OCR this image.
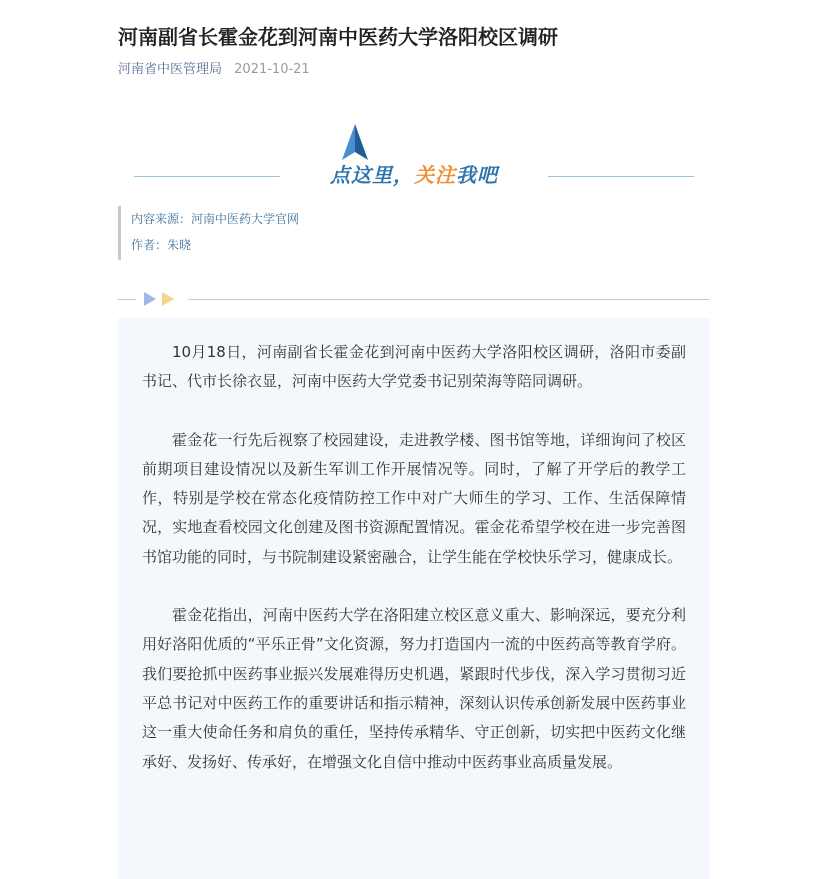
河南副省长霍金花到河南中医药大学洛阳校区调研
河南省中医管理局 2021-10-21
点这里，关注我吧
内容来源：河南中医药大学官网
作者：朱晓

10月18日，河南副省长霍金花到河南中医药大学洛阳校区调研，洛阳市委副书记、代市长徐衣显，河南中医药大学党委书记别荣海等陪同调研。

霍金花一行先后视察了校园建设，走进教学楼、图书馆等地，详细询问了校区前期项目建设情况以及新生军训工作开展情况等。同时，了解了开学后的教学工作，特别是学校在常态化疫情防控工作中对广大师生的学习、工作、生活保障情况，实地查看校园文化创建及图书资源配置情况。霍金花希望学校在进一步完善图书馆功能的同时，与书院制建设紧密融合，让学生能在学校快乐学习，健康成长。

霍金花指出，河南中医药大学在洛阳建立校区意义重大、影响深远，要充分利用好洛阳优质的“平乐正骨”文化资源，努力打造国内一流的中医药高等教育学府。我们要抢抓中医药事业振兴发展难得历史机遇，紧跟时代步伐，深入学习贯彻习近平总书记对中医药工作的重要讲话和指示精神，深刻认识传承创新发展中医药事业这一重大使命任务和肩负的重任，坚持传承精华、守正创新，切实把中医药文化继承好、发扬好、传承好，在增强文化自信中推动中医药事业高质量发展。
